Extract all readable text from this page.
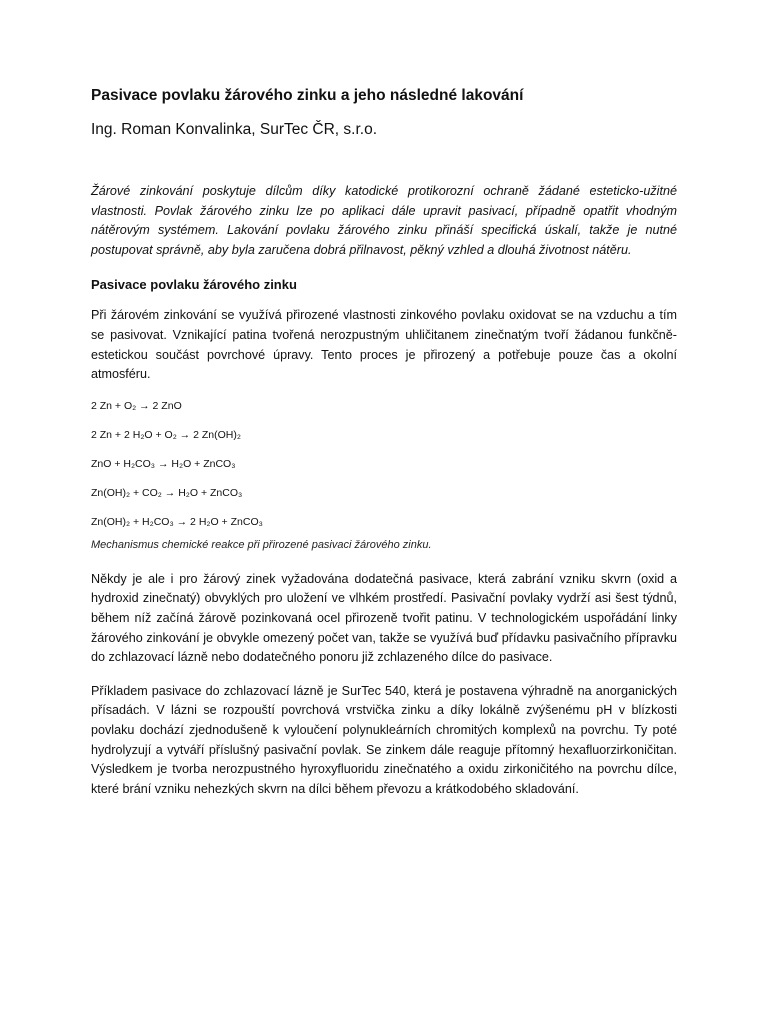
Pasivace povlaku žárového zinku a jeho následné lakování

Ing. Roman Konvalinka, SurTec ČR, s.r.o.

Žárové zinkování poskytuje dílcům díky katodické protikorozní ochraně žádané esteticko-užitné vlastnosti. Povlak žárového zinku lze po aplikaci dále upravit pasivací, případně opatřit vhodným nátěrovým systémem. Lakování povlaku žárového zinku přináší specifická úskalí, takže je nutné postupovat správně, aby byla zaručena dobrá přilnavost, pěkný vzhled a dlouhá životnost nátěru.

Pasivace povlaku žárového zinku

Při žárovém zinkování se využívá přirozené vlastnosti zinkového povlaku oxidovat se na vzduchu a tím se pasivovat. Vznikající patina tvořená nerozpustným uhličitanem zinečnatým tvoří žádanou funkčně-estetickou součást povrchové úpravy. Tento proces je přirozený a potřebuje pouze čas a okolní atmosféru.

2 Zn + O₂ → 2 ZnO

2 Zn + 2 H₂O + O₂ → 2 Zn(OH)₂

ZnO + H₂CO₃ → H₂O + ZnCO₃

Zn(OH)₂ + CO₂ → H₂O + ZnCO₃

Zn(OH)₂ + H₂CO₃ → 2 H₂O + ZnCO₃

Mechanismus chemické reakce při přirozené pasivaci žárového zinku.

Někdy je ale i pro žárový zinek vyžadována dodatečná pasivace, která zabrání vzniku skvrn (oxid a hydroxid zinečnatý) obvyklých pro uložení ve vlhkém prostředí. Pasivační povlaky vydrží asi šest týdnů, během níž začíná žárově pozinkovaná ocel přirozeně tvořit patinu. V technologickém uspořádání linky žárového zinkování je obvykle omezený počet van, takže se využívá buď přídavku pasivačního přípravku do zchlazovací lázně nebo dodatečného ponoru již zchlazeného dílce do pasivace.

Příkladem pasivace do zchlazovací lázně je SurTec 540, která je postavena výhradně na anorganických přísadách. V lázni se rozpouští povrchová vrstvička zinku a díky lokálně zvýšenému pH v blízkosti povlaku dochází zjednodušeně k vyloučení polynukleárních chromitých komplexů na povrchu. Ty poté hydrolyzují a vytváří příslušný pasivační povlak. Se zinkem dále reaguje přítomný hexafluorzirkoničitan. Výsledkem je tvorba nerozpustného hyroxyfluoridu zinečnatého a oxidu zirkoničitého na povrchu dílce, které brání vzniku nehezkých skvrn na dílci během převozu a krátkodobého skladování.
